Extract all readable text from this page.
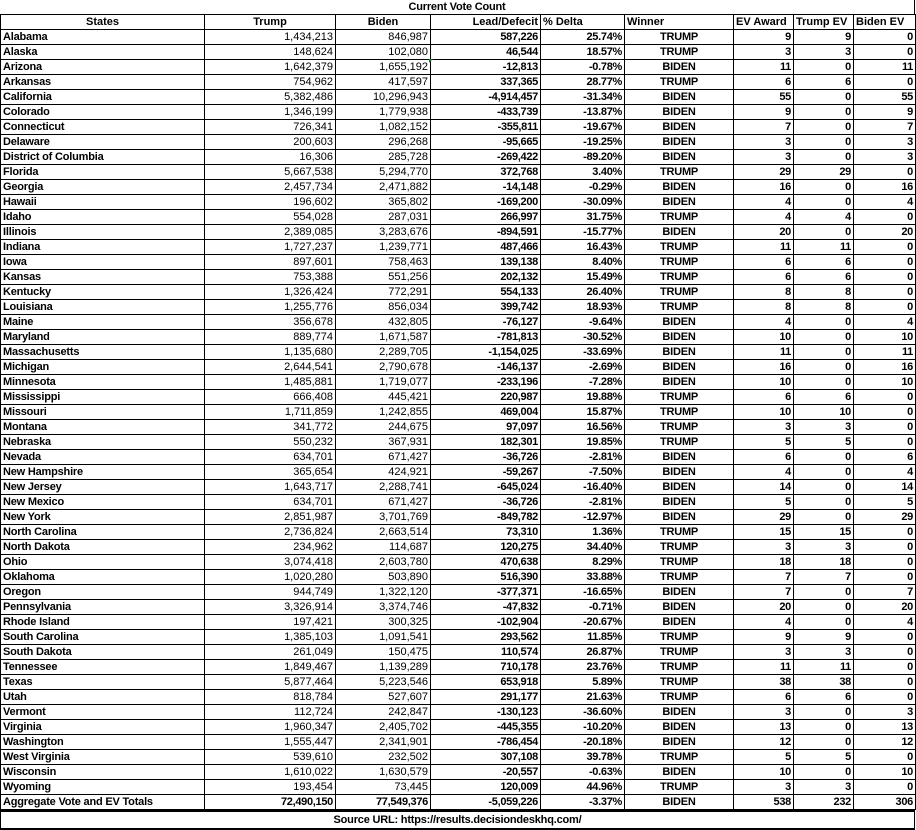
Current Vote Count
States	Trump	Biden	Lead/Defecit	% Delta	Winner	EV Award	Trump EV	Biden EV
Alabama	1,434,213	846,987	587,226	25.74%	TRUMP	9	9	0
Alaska	148,624	102,080	46,544	18.57%	TRUMP	3	3	0
Arizona	1,642,379	1,655,192	-12,813	-0.78%	BIDEN	11	0	11
Arkansas	754,962	417,597	337,365	28.77%	TRUMP	6	6	0
California	5,382,486	10,296,943	-4,914,457	-31.34%	BIDEN	55	0	55
Colorado	1,346,199	1,779,938	-433,739	-13.87%	BIDEN	9	0	9
Connecticut	726,341	1,082,152	-355,811	-19.67%	BIDEN	7	0	7
Delaware	200,603	296,268	-95,665	-19.25%	BIDEN	3	0	3
District of Columbia	16,306	285,728	-269,422	-89.20%	BIDEN	3	0	3
Florida	5,667,538	5,294,770	372,768	3.40%	TRUMP	29	29	0
Georgia	2,457,734	2,471,882	-14,148	-0.29%	BIDEN	16	0	16
Hawaii	196,602	365,802	-169,200	-30.09%	BIDEN	4	0	4
Idaho	554,028	287,031	266,997	31.75%	TRUMP	4	4	0
Illinois	2,389,085	3,283,676	-894,591	-15.77%	BIDEN	20	0	20
Indiana	1,727,237	1,239,771	487,466	16.43%	TRUMP	11	11	0
Iowa	897,601	758,463	139,138	8.40%	TRUMP	6	6	0
Kansas	753,388	551,256	202,132	15.49%	TRUMP	6	6	0
Kentucky	1,326,424	772,291	554,133	26.40%	TRUMP	8	8	0
Louisiana	1,255,776	856,034	399,742	18.93%	TRUMP	8	8	0
Maine	356,678	432,805	-76,127	-9.64%	BIDEN	4	0	4
Maryland	889,774	1,671,587	-781,813	-30.52%	BIDEN	10	0	10
Massachusetts	1,135,680	2,289,705	-1,154,025	-33.69%	BIDEN	11	0	11
Michigan	2,644,541	2,790,678	-146,137	-2.69%	BIDEN	16	0	16
Minnesota	1,485,881	1,719,077	-233,196	-7.28%	BIDEN	10	0	10
Mississippi	666,408	445,421	220,987	19.88%	TRUMP	6	6	0
Missouri	1,711,859	1,242,855	469,004	15.87%	TRUMP	10	10	0
Montana	341,772	244,675	97,097	16.56%	TRUMP	3	3	0
Nebraska	550,232	367,931	182,301	19.85%	TRUMP	5	5	0
Nevada	634,701	671,427	-36,726	-2.81%	BIDEN	6	0	6
New Hampshire	365,654	424,921	-59,267	-7.50%	BIDEN	4	0	4
New Jersey	1,643,717	2,288,741	-645,024	-16.40%	BIDEN	14	0	14
New Mexico	634,701	671,427	-36,726	-2.81%	BIDEN	5	0	5
New York	2,851,987	3,701,769	-849,782	-12.97%	BIDEN	29	0	29
North Carolina	2,736,824	2,663,514	73,310	1.36%	TRUMP	15	15	0
North Dakota	234,962	114,687	120,275	34.40%	TRUMP	3	3	0
Ohio	3,074,418	2,603,780	470,638	8.29%	TRUMP	18	18	0
Oklahoma	1,020,280	503,890	516,390	33.88%	TRUMP	7	7	0
Oregon	944,749	1,322,120	-377,371	-16.65%	BIDEN	7	0	7
Pennsylvania	3,326,914	3,374,746	-47,832	-0.71%	BIDEN	20	0	20
Rhode Island	197,421	300,325	-102,904	-20.67%	BIDEN	4	0	4
South Carolina	1,385,103	1,091,541	293,562	11.85%	TRUMP	9	9	0
South Dakota	261,049	150,475	110,574	26.87%	TRUMP	3	3	0
Tennessee	1,849,467	1,139,289	710,178	23.76%	TRUMP	11	11	0
Texas	5,877,464	5,223,546	653,918	5.89%	TRUMP	38	38	0
Utah	818,784	527,607	291,177	21.63%	TRUMP	6	6	0
Vermont	112,724	242,847	-130,123	-36.60%	BIDEN	3	0	3
Virginia	1,960,347	2,405,702	-445,355	-10.20%	BIDEN	13	0	13
Washington	1,555,447	2,341,901	-786,454	-20.18%	BIDEN	12	0	12
West Virginia	539,610	232,502	307,108	39.78%	TRUMP	5	5	0
Wisconsin	1,610,022	1,630,579	-20,557	-0.63%	BIDEN	10	0	10
Wyoming	193,454	73,445	120,009	44.96%	TRUMP	3	3	0
Aggregate Vote and EV Totals	72,490,150	77,549,376	-5,059,226	-3.37%	BIDEN	538	232	306
Source URL: https://results.decisiondeskhq.com/
